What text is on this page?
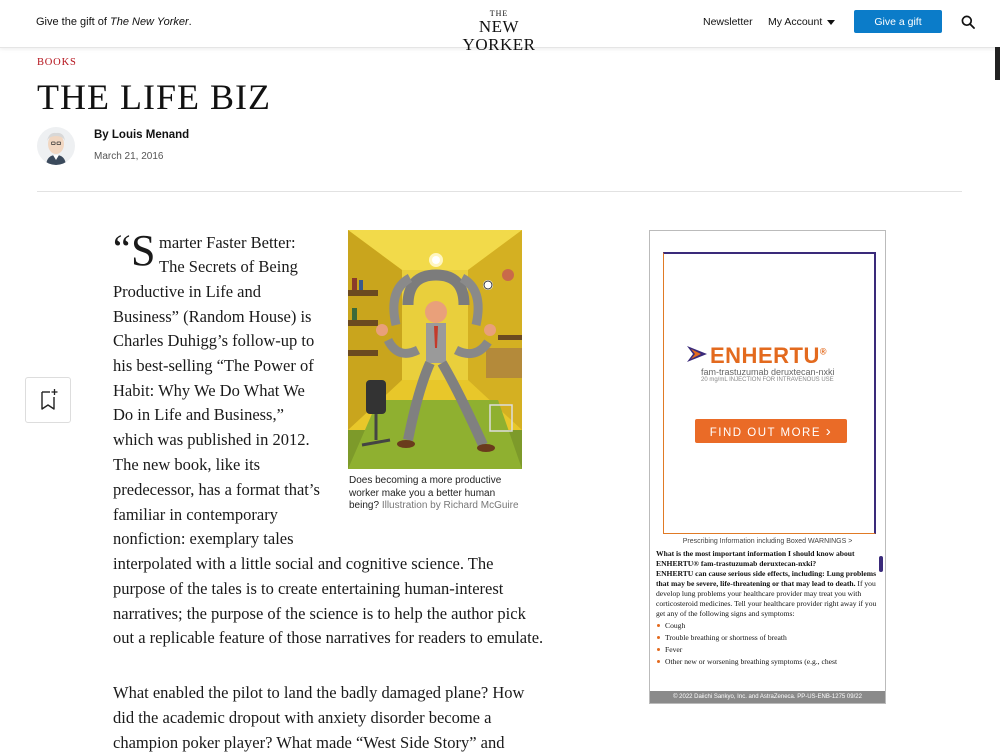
Give the gift of The New Yorker.
THE
NEW YORKER
Newsletter My Account	Give a gift
BOOKS
THE LIFE BIZ
By Louis Menand
March 21, 2016
“ S marter Faster Better:
The Secrets of Being
Productive in Life and
Business” (Random House) is
Charles Duhigg’s follow-up to
his best-selling “The Power of
Habit: Why We Do What We
Do in Life and Business,”
which was published in 2012.
The new book, like its
predecessor, has a format that’s
familiar in contemporary
nonfiction: exemplary tales
interpolated with a little social and cognitive science. The
purpose of the tales is to create entertaining human-interest
narratives; the purpose of the science is to help the author pick
out a replicable feature of those narratives for readers to emulate.
What enabled the pilot to land the badly damaged plane? How
did the academic dropout with anxiety disorder become a
champion poker player? What made “West Side Story” and
Does becoming a more productive worker make you a better human being? Illustration by Richard McGuire
ENHERTU®
fam-trastuzumab deruxtecan-nxki
20 mg/mL INJECTION FOR INTRAVENOUS USE
FIND OUT MORE ›
Prescribing Information including Boxed WARNINGS >
What is the most important information I should know about ENHERTU® fam-trastuzumab deruxtecan-nxki?
ENHERTU can cause serious side effects, including: Lung problems that may be severe, life-threatening or that may lead to death. If you develop lung problems your healthcare provider may treat you with corticosteroid medicines. Tell your healthcare provider right away if you get any of the following signs and symptoms:
Cough
Trouble breathing or shortness of breath
Fever
Other new or worsening breathing symptoms (e.g., chest
© 2022 Daiichi Sankyo, Inc. and AstraZeneca. PP-US-ENB-1275 09/22
